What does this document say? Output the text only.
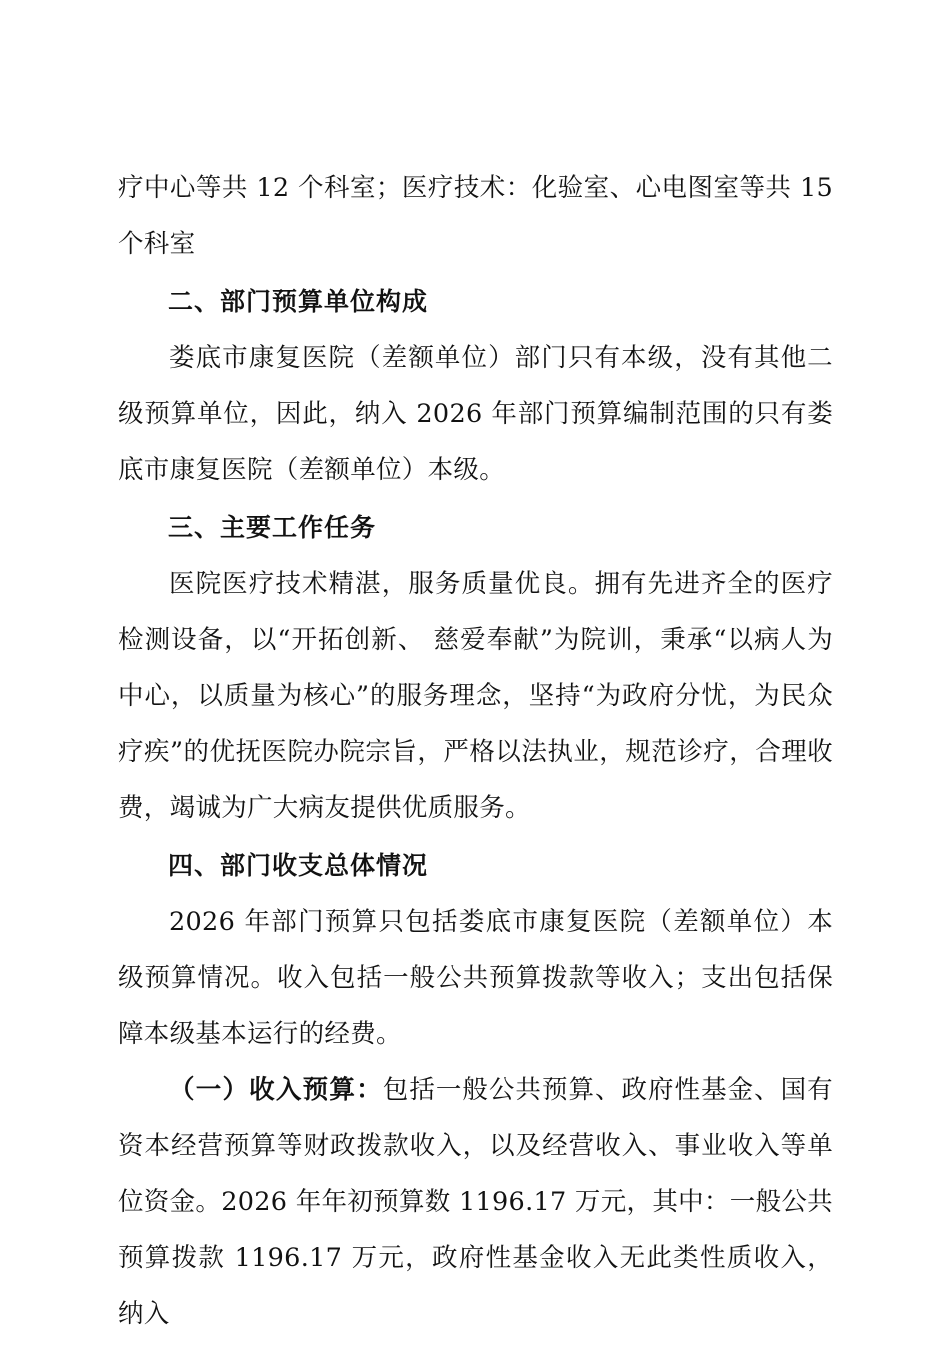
疗中心等共 12 个科室；医疗技术：化验室、心电图室等共 15 个科室

二、部门预算单位构成

娄底市康复医院（差额单位）部门只有本级，没有其他二级预算单位，因此，纳入 2026 年部门预算编制范围的只有娄底市康复医院（差额单位）本级。

三、主要工作任务

医院医疗技术精湛，服务质量优良。拥有先进齐全的医疗检测设备，以“开拓创新、 慈爱奉献”为院训，秉承“以病人为中心，以质量为核心”的服务理念，坚持“为政府分忧，为民众疗疾”的优抚医院办院宗旨，严格以法执业，规范诊疗，合理收费，竭诚为广大病友提供优质服务。

四、部门收支总体情况

2026 年部门预算只包括娄底市康复医院（差额单位）本级预算情况。收入包括一般公共预算拨款等收入；支出包括保障本级基本运行的经费。

（一）收入预算：包括一般公共预算、政府性基金、国有资本经营预算等财政拨款收入，以及经营收入、事业收入等单位资金。2026 年年初预算数 1196.17 万元，其中：一般公共预算拨款 1196.17 万元，政府性基金收入无此类性质收入，纳入
